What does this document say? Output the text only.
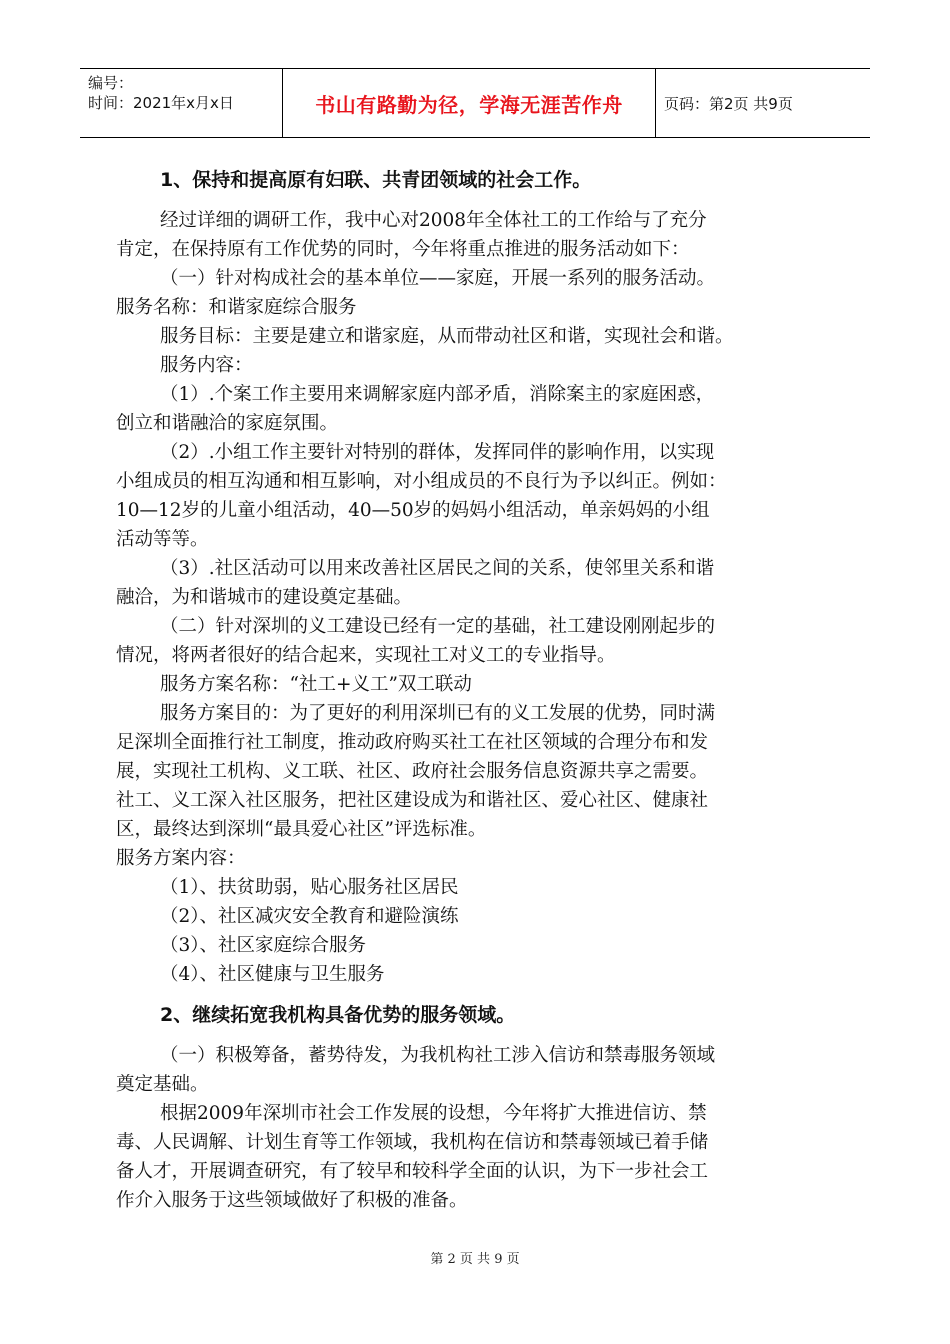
编号：
时间：2021年x月x日	书山有路勤为径，学海无涯苦作舟	页码：第2页 共9页
1、保持和提高原有妇联、共青团领域的社会工作。

经过详细的调研工作，我中心对2008年全体社工的工作给与了充分

肯定，在保持原有工作优势的同时，今年将重点推进的服务活动如下：

（一）针对构成社会的基本单位——家庭，开展一系列的服务活动。

服务名称：和谐家庭综合服务

服务目标：主要是建立和谐家庭，从而带动社区和谐，实现社会和谐。

服务内容：

（1）.个案工作主要用来调解家庭内部矛盾，消除案主的家庭困惑，

创立和谐融洽的家庭氛围。

（2）.小组工作主要针对特别的群体，发挥同伴的影响作用，以实现

小组成员的相互沟通和相互影响，对小组成员的不良行为予以纠正。例如：

10—12岁的儿童小组活动，40—50岁的妈妈小组活动，单亲妈妈的小组

活动等等。

（3）.社区活动可以用来改善社区居民之间的关系，使邻里关系和谐

融洽，为和谐城市的建设奠定基础。

（二）针对深圳的义工建设已经有一定的基础，社工建设刚刚起步的

情况，将两者很好的结合起来，实现社工对义工的专业指导。

服务方案名称：“社工+义工”双工联动

服务方案目的：为了更好的利用深圳已有的义工发展的优势，同时满

足深圳全面推行社工制度，推动政府购买社工在社区领域的合理分布和发

展，实现社工机构、义工联、社区、政府社会服务信息资源共享之需要。

社工、义工深入社区服务，把社区建设成为和谐社区、爱心社区、健康社

区，最终达到深圳“最具爱心社区”评选标准。

服务方案内容：

（1）、扶贫助弱，贴心服务社区居民

（2）、社区减灾安全教育和避险演练

（3）、社区家庭综合服务

（4）、社区健康与卫生服务

2、继续拓宽我机构具备优势的服务领域。

（一）积极筹备，蓄势待发，为我机构社工涉入信访和禁毒服务领域

奠定基础。

根据2009年深圳市社会工作发展的设想，今年将扩大推进信访、禁

毒、人民调解、计划生育等工作领域，我机构在信访和禁毒领域已着手储

备人才，开展调查研究，有了较早和较科学全面的认识，为下一步社会工

作介入服务于这些领域做好了积极的准备。

第 2 页 共 9 页
